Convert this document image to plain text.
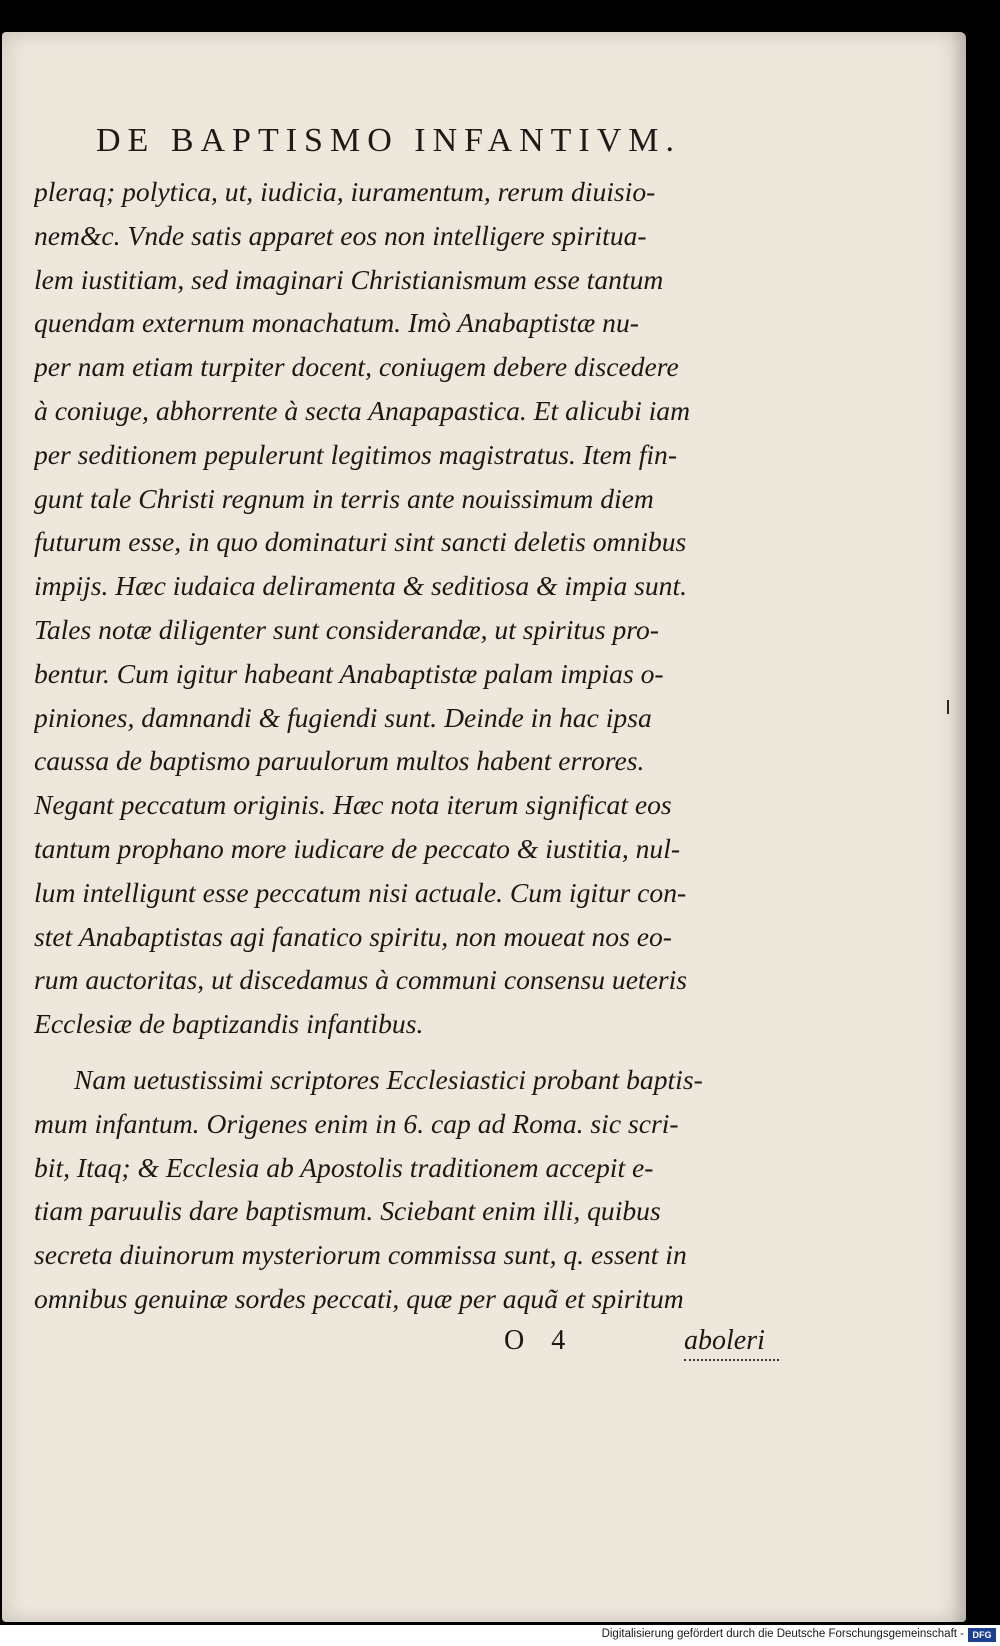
DE BAPTISMO INFANTIVM.
pleraq; polytica, ut, iudicia, iuramentum, rerum diuisio-
nem&c. Vnde satis apparet eos non intelligere spiritua-
lem iustitiam, sed imaginari Christianismum esse tantum
quendam externum monachatum. Imò Anabaptistæ nu-
per nam etiam turpiter docent, coniugem debere discedere
à coniuge, abhorrente à secta Anapapastica. Et alicubi iam
per seditionem pepulerunt legitimos magistratus. Item fin-
gunt tale Christi regnum in terris ante nouissimum diem
futurum esse, in quo dominaturi sint sancti deletis omnibus
impijs. Hæc iudaica deliramenta & seditiosa & impia sunt.
Tales notæ diligenter sunt considerandæ, ut spiritus pro-
bentur. Cum igitur habeant Anabaptistæ palam impias o-
piniones, damnandi & fugiendi sunt. Deinde in hac ipsa
caussa de baptismo paruulorum multos habent errores.
Negant peccatum originis. Hæc nota iterum significat eos
tantum prophano more iudicare de peccato & iustitia, nul-
lum intelligunt esse peccatum nisi actuale. Cum igitur con-
stet Anabaptistas agi fanatico spiritu, non moueat nos eo-
rum auctoritas, ut discedamus à communi consensu ueteris
Ecclesiæ de baptizandis infantibus.
Nam uetustissimi scriptores Ecclesiastici probant baptis-
mum infantum. Origenes enim in 6. cap ad Roma. sic scri-
bit, Itaq; & Ecclesia ab Apostolis traditionem accepit e-
tiam paruulis dare baptismum. Sciebant enim illi, quibus
secreta diuinorum mysteriorum commissa sunt, q. essent in
omnibus genuinæ sordes peccati, quæ per aquã et spiritum
O 4	aboleri
Digitalisierung gefördert durch die Deutsche Forschungsgemeinschaft - DFG
